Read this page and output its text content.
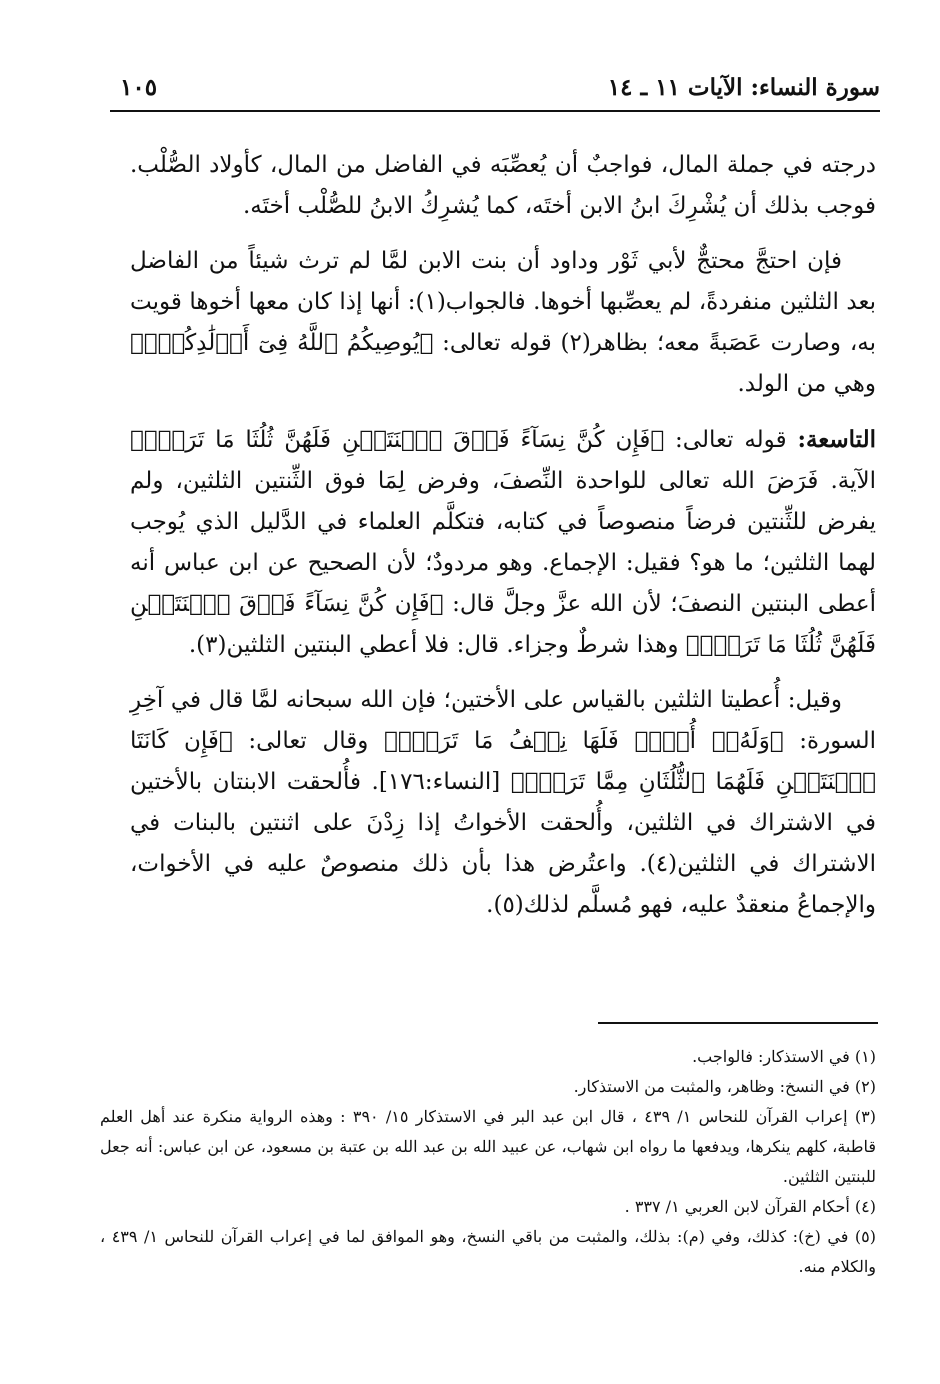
سورة النساء: الآيات ١١ ـ ١٤
١٠٥

درجته في جملة المال، فواجبٌ أن يُعصِّبَه في الفاضل من المال، كأولاد الصُّلْب. فوجب بذلك أن يُشْرِكَ ابنُ الابن أختَه، كما يُشرِكُ الابنُ للصُّلْب أختَه.

فإن احتجَّ محتجٌّ لأبي ثَوْر وداود أن بنت الابن لمَّا لم ترث شيئاً من الفاضل بعد الثلثين منفردةً، لم يعصِّبها أخوها. فالجواب(١): أنها إذا كان معها أخوها قويت به، وصارت عَصَبةً معه؛ بظاهر(٢) قوله تعالى: ﴿يُوصِيكُمُ ٱللَّهُ فِىٓ أَوۡلَٰدِكُمۡۖ﴾ وهي من الولد.

التاسعة: قوله تعالى: ﴿فَإِن كُنَّ نِسَآءً فَوۡقَ ٱثۡنَتَيۡنِ فَلَهُنَّ ثُلُثَا مَا تَرَكَۖ﴾ الآية. فَرَضَ الله تعالى للواحدة النِّصفَ، وفرض لِمَا فوق الثِّنتين الثلثين، ولم يفرض للثِّنتين فرضاً منصوصاً في كتابه، فتكلَّم العلماء في الدَّليل الذي يُوجب لهما الثلثين؛ ما هو؟ فقيل: الإجماع. وهو مردودٌ؛ لأن الصحيح عن ابن عباس أنه أعطى البنتين النصفَ؛ لأن الله عزَّ وجلَّ قال: ﴿فَإِن كُنَّ نِسَآءً فَوۡقَ ٱثۡنَتَيۡنِ فَلَهُنَّ ثُلُثَا مَا تَرَكَۖ﴾ وهذا شرطٌ وجزاء. قال: فلا أعطي البنتين الثلثين(٣).

وقيل: أُعطيتا الثلثين بالقياس على الأختين؛ فإن الله سبحانه لمَّا قال في آخِرِ السورة: ﴿وَلَهُۥٓ أُخۡتٞ فَلَهَا نِصۡفُ مَا تَرَكَۚ﴾ وقال تعالى: ﴿فَإِن كَانَتَا ٱثۡنَتَيۡنِ فَلَهُمَا ٱلثُّلُثَانِ مِمَّا تَرَكَۚ﴾ [النساء:١٧٦]. فأُلحقت الابنتان بالأختين في الاشتراك في الثلثين، وأُلحقت الأخواتُ إذا زِدْنَ على اثنتين بالبنات في الاشتراك في الثلثين(٤). واعتُرض هذا بأن ذلك منصوصٌ عليه في الأخوات، والإجماعُ منعقدٌ عليه، فهو مُسلَّم لذلك(٥).

(١) في الاستذكار: فالواجب.

(٢) في النسخ: وظاهر، والمثبت من الاستذكار.

(٣) إعراب القرآن للنحاس ١/ ٤٣٩ ، قال ابن عبد البر في الاستذكار ١٥/ ٣٩٠ : وهذه الرواية منكرة عند أهل العلم قاطبة، كلهم ينكرها، ويدفعها ما رواه ابن شهاب، عن عبيد الله بن عبد الله بن عتبة بن مسعود، عن ابن عباس: أنه جعل للبنتين الثلثين.

(٤) أحكام القرآن لابن العربي ١/ ٣٣٧ .

(٥) في (خ): كذلك، وفي (م): بذلك، والمثبت من باقي النسخ، وهو الموافق لما في إعراب القرآن للنحاس ١/ ٤٣٩ ، والكلام منه.
